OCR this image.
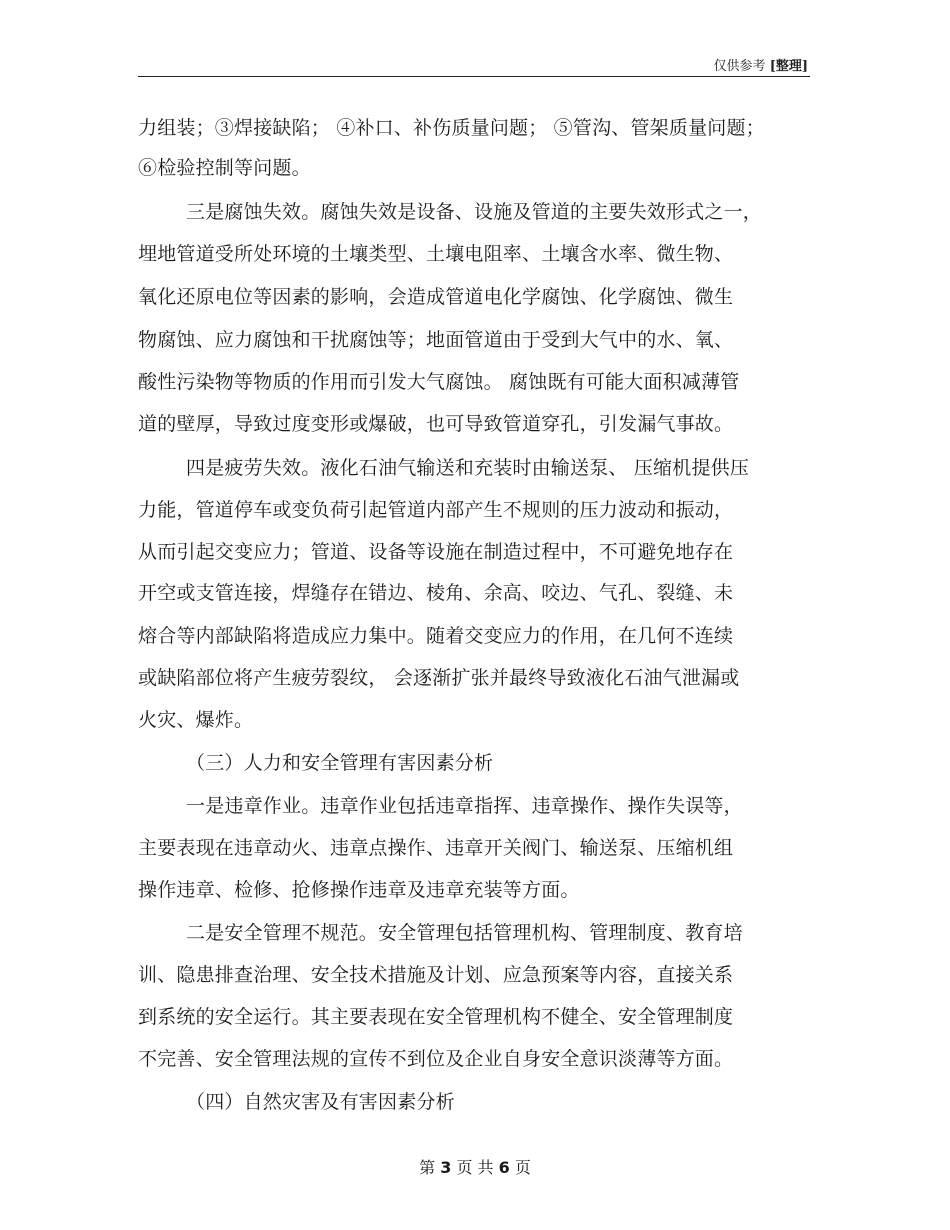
仅供参考 [整理]
力组装；③焊接缺陷； ④补口、补伤质量问题； ⑤管沟、管架质量问题；
⑥检验控制等问题。
三是腐蚀失效。腐蚀失效是设备、设施及管道的主要失效形式之一，
埋地管道受所处环境的土壤类型、土壤电阻率、土壤含水率、微生物、
氧化还原电位等因素的影响，会造成管道电化学腐蚀、化学腐蚀、微生
物腐蚀、应力腐蚀和干扰腐蚀等；地面管道由于受到大气中的水、氧、
酸性污染物等物质的作用而引发大气腐蚀。 腐蚀既有可能大面积减薄管
道的壁厚，导致过度变形或爆破，也可导致管道穿孔，引发漏气事故。
四是疲劳失效。液化石油气输送和充装时由输送泵、 压缩机提供压
力能，管道停车或变负荷引起管道内部产生不规则的压力波动和振动，
从而引起交变应力；管道、设备等设施在制造过程中，不可避免地存在
开空或支管连接，焊缝存在错边、棱角、余高、咬边、气孔、裂缝、未
熔合等内部缺陷将造成应力集中。随着交变应力的作用，在几何不连续
或缺陷部位将产生疲劳裂纹， 会逐渐扩张并最终导致液化石油气泄漏或
火灾、爆炸。
（三）人力和安全管理有害因素分析
一是违章作业。违章作业包括违章指挥、违章操作、操作失误等，
主要表现在违章动火、违章点操作、违章开关阀门、输送泵、压缩机组
操作违章、检修、抢修操作违章及违章充装等方面。
二是安全管理不规范。安全管理包括管理机构、管理制度、教育培
训、隐患排查治理、安全技术措施及计划、应急预案等内容，直接关系
到系统的安全运行。其主要表现在安全管理机构不健全、安全管理制度
不完善、安全管理法规的宣传不到位及企业自身安全意识淡薄等方面。
（四）自然灾害及有害因素分析
第 3 页 共 6 页
